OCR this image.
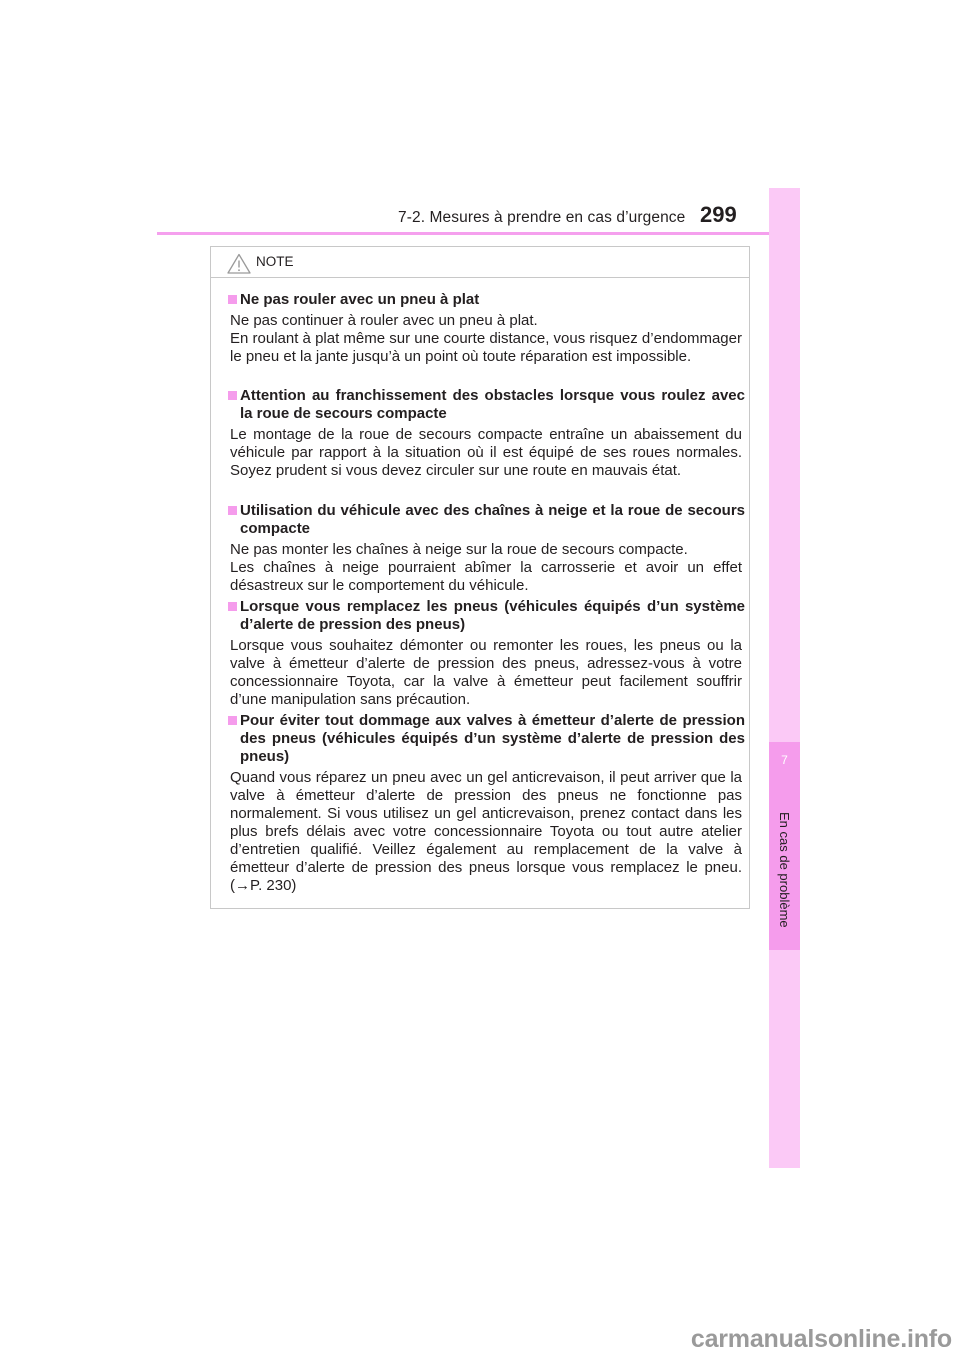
7-2. Mesures à prendre en cas d’urgence 299
7
En cas de problème
NOTE
Ne pas rouler avec un pneu à plat

Ne pas continuer à rouler avec un pneu à plat.

En roulant à plat même sur une courte distance, vous risquez d’endommager le pneu et la jante jusqu’à un point où toute réparation est impossible.

Attention au franchissement des obstacles lorsque vous roulez avec la roue de secours compacte

Le montage de la roue de secours compacte entraîne un abaissement du véhicule par rapport à la situation où il est équipé de ses roues normales. Soyez prudent si vous devez circuler sur une route en mauvais état.

Utilisation du véhicule avec des chaînes à neige et la roue de secours compacte

Ne pas monter les chaînes à neige sur la roue de secours compacte.

Les chaînes à neige pourraient abîmer la carrosserie et avoir un effet désastreux sur le comportement du véhicule.

Lorsque vous remplacez les pneus (véhicules équipés d’un système d’alerte de pression des pneus)

Lorsque vous souhaitez démonter ou remonter les roues, les pneus ou la valve à émetteur d’alerte de pression des pneus, adressez-vous à votre concessionnaire Toyota, car la valve à émetteur peut facilement souffrir d’une manipulation sans précaution.

Pour éviter tout dommage aux valves à émetteur d’alerte de pression des pneus (véhicules équipés d’un système d’alerte de pression des pneus)

Quand vous réparez un pneu avec un gel anticrevaison, il peut arriver que la valve à émetteur d’alerte de pression des pneus ne fonctionne pas normalement. Si vous utilisez un gel anticrevaison, prenez contact dans les plus brefs délais avec votre concessionnaire Toyota ou tout autre atelier d’entretien qualifié. Veillez également au remplacement de la valve à émetteur d’alerte de pression des pneus lorsque vous remplacez le pneu. (→P. 230)

carmanualsonline.info
